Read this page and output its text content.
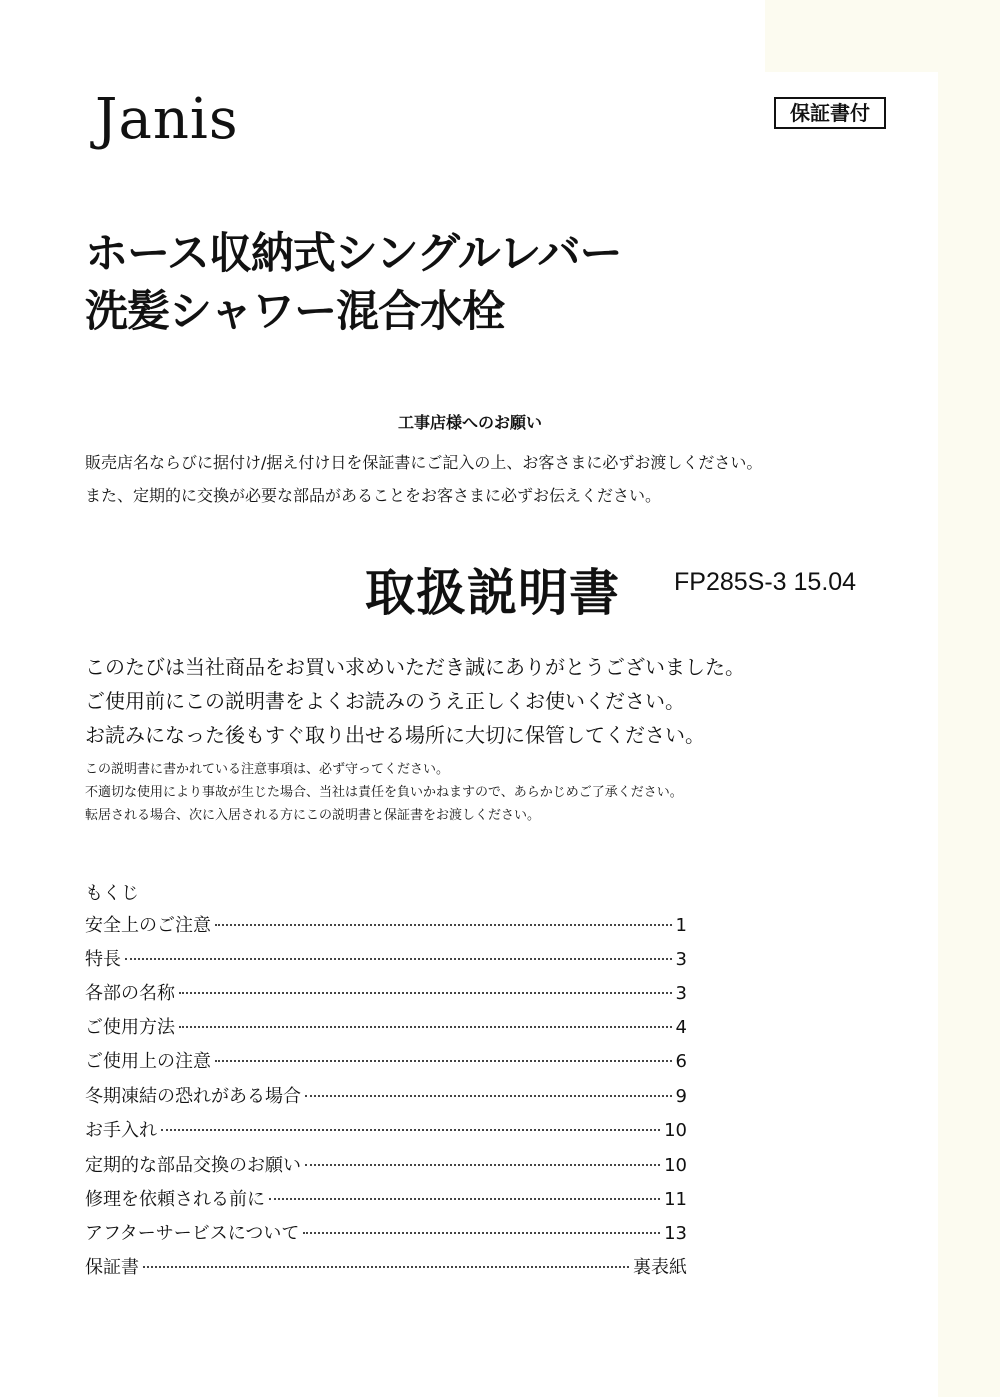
Janis	保証書付
ホース収納式シングルレバー
洗髪シャワー混合水栓
工事店様へのお願い
販売店名ならびに据付け/据え付け日を保証書にご記入の上、お客さまに必ずお渡しください。
また、定期的に交換が必要な部品があることをお客さまに必ずお伝えください。
取扱説明書 FP285S-3 15.04
このたびは当社商品をお買い求めいただき誠にありがとうございました。
ご使用前にこの説明書をよくお読みのうえ正しくお使いください。
お読みになった後もすぐ取り出せる場所に大切に保管してください。
この説明書に書かれている注意事項は、必ず守ってください。
不適切な使用により事故が生じた場合、当社は責任を負いかねますので、あらかじめご了承ください。
転居される場合、次に入居される方にこの説明書と保証書をお渡しください。
もくじ
安全上のご注意	1
特長	3
各部の名称	3
ご使用方法	4
ご使用上の注意	6
冬期凍結の恐れがある場合	9
お手入れ	10
定期的な部品交換のお願い	10
修理を依頼される前に	11
アフターサービスについて	13
保証書	裏表紙
